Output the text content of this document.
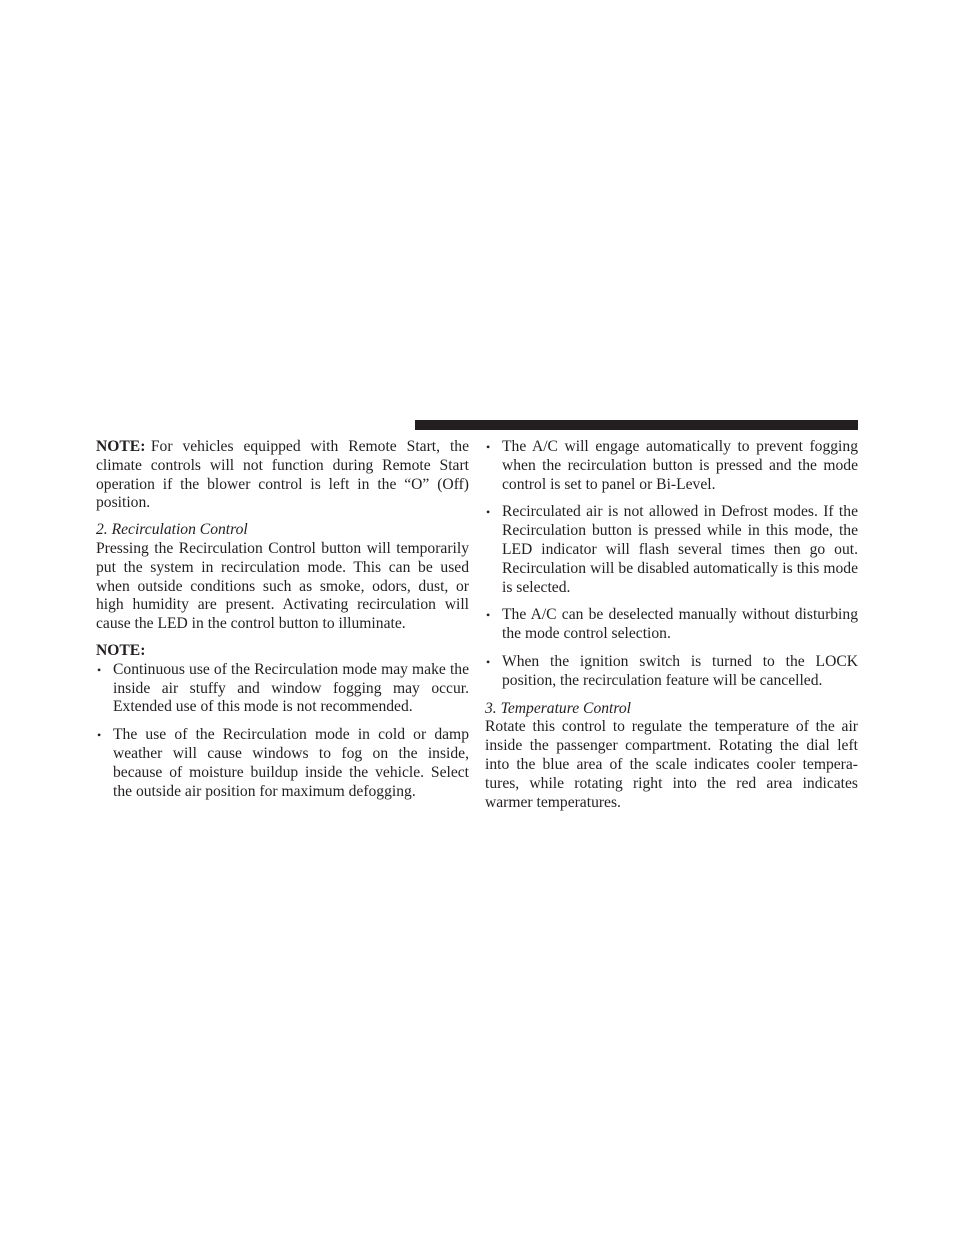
NOTE: For vehicles equipped with Remote Start, the climate controls will not function during Remote Start operation if the blower control is left in the “O” (Off) position.

2. Recirculation Control

Pressing the Recirculation Control button will temporarily put the system in recirculation mode. This can be used when outside conditions such as smoke, odors, dust, or high humidity are present. Activating recirculation will cause the LED in the control button to illuminate.

NOTE:

• Continuous use of the Recirculation mode may make the inside air stuffy and window fogging may occur. Extended use of this mode is not recommended.
• The use of the Recirculation mode in cold or damp weather will cause windows to fog on the inside, because of moisture buildup inside the vehicle. Select the outside air position for maximum defogging.
• The A/C will engage automatically to prevent fogging when the recirculation button is pressed and the mode control is set to panel or Bi-Level.
• Recirculated air is not allowed in Defrost modes. If the Recirculation button is pressed while in this mode, the LED indicator will flash several times then go out. Recirculation will be disabled automatically is this mode is selected.
• The A/C can be deselected manually without disturbing the mode control selection.
• When the ignition switch is turned to the LOCK position, the recirculation feature will be cancelled.

3. Temperature Control

Rotate this control to regulate the temperature of the air inside the passenger compartment. Rotating the dial left into the blue area of the scale indicates cooler temperatures, while rotating right into the red area indicates warmer temperatures.
